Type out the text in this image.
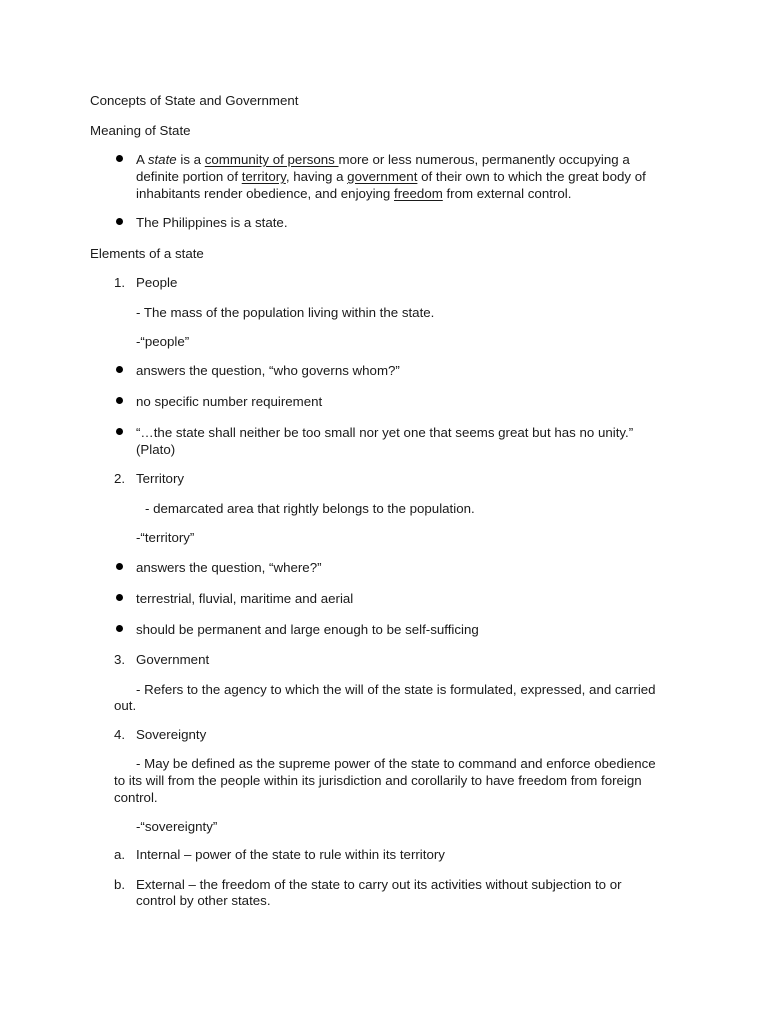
Concepts of State and Government
Meaning of State
A state is a community of persons more or less numerous, permanently occupying a
definite portion of territory, having a government of their own to which the great body of
inhabitants render obedience, and enjoying freedom from external control.
The Philippines is a state.
Elements of a state
1. People
- The mass of the population living within the state.
-“people”
answers the question, “who governs whom?”
no specific number requirement
“…the state shall neither be too small nor yet one that seems great but has no unity.”
(Plato)
2. Territory
- demarcated area that rightly belongs to the population.
-“territory”
answers the question, “where?”
terrestrial, fluvial, maritime and aerial
should be permanent and large enough to be self-sufficing
3. Government
- Refers to the agency to which the will of the state is formulated, expressed, and carried
out.
4. Sovereignty
- May be defined as the supreme power of the state to command and enforce obedience
to its will from the people within its jurisdiction and corollarily to have freedom from foreign
control.
-“sovereignty”
a. Internal – power of the state to rule within its territory
b. External – the freedom of the state to carry out its activities without subjection to or
control by other states.
